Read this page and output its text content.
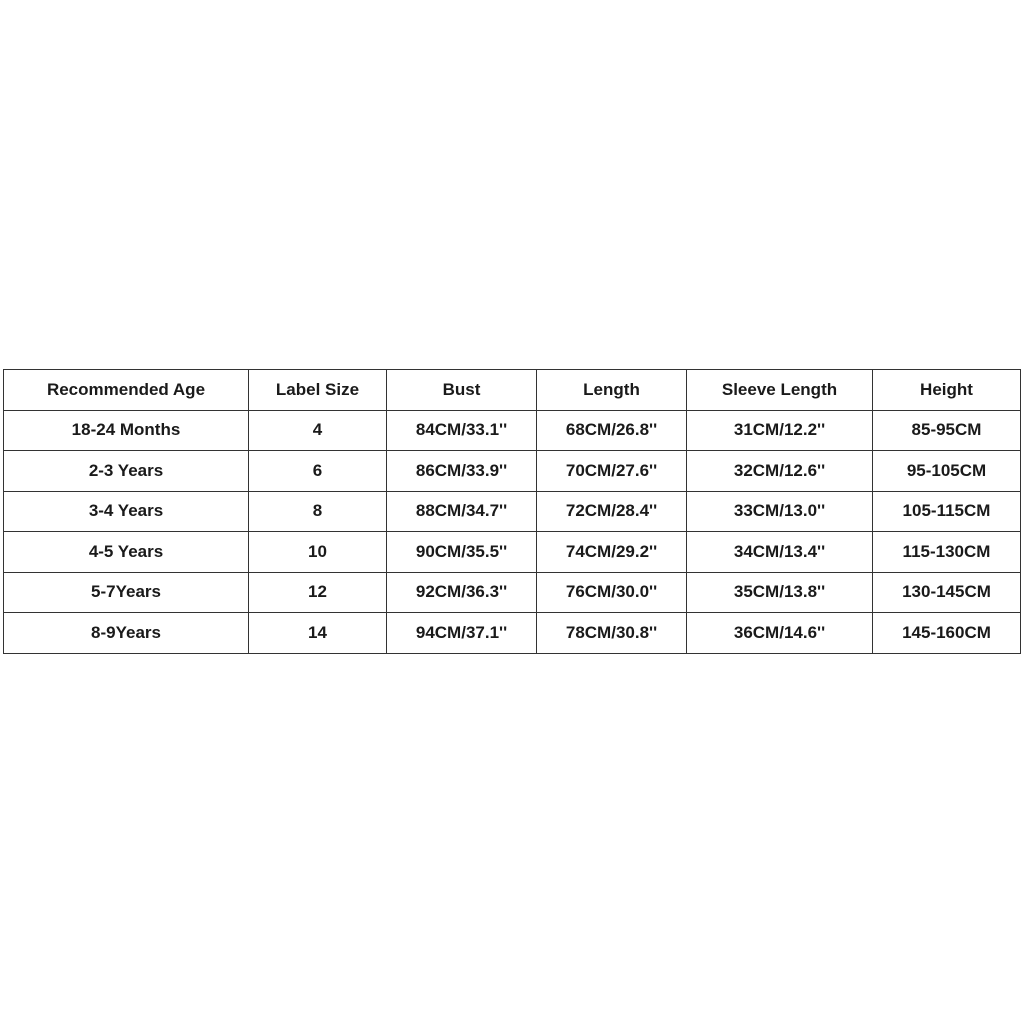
Recommended Age	Label Size	Bust	Length	Sleeve Length	Height
18-24 Months	4	84CM/33.1''	68CM/26.8''	31CM/12.2''	85-95CM
2-3 Years	6	86CM/33.9''	70CM/27.6''	32CM/12.6''	95-105CM
3-4 Years	8	88CM/34.7''	72CM/28.4''	33CM/13.0''	105-115CM
4-5 Years	10	90CM/35.5''	74CM/29.2''	34CM/13.4''	115-130CM
5-7Years	12	92CM/36.3''	76CM/30.0''	35CM/13.8''	130-145CM
8-9Years	14	94CM/37.1''	78CM/30.8''	36CM/14.6''	145-160CM
